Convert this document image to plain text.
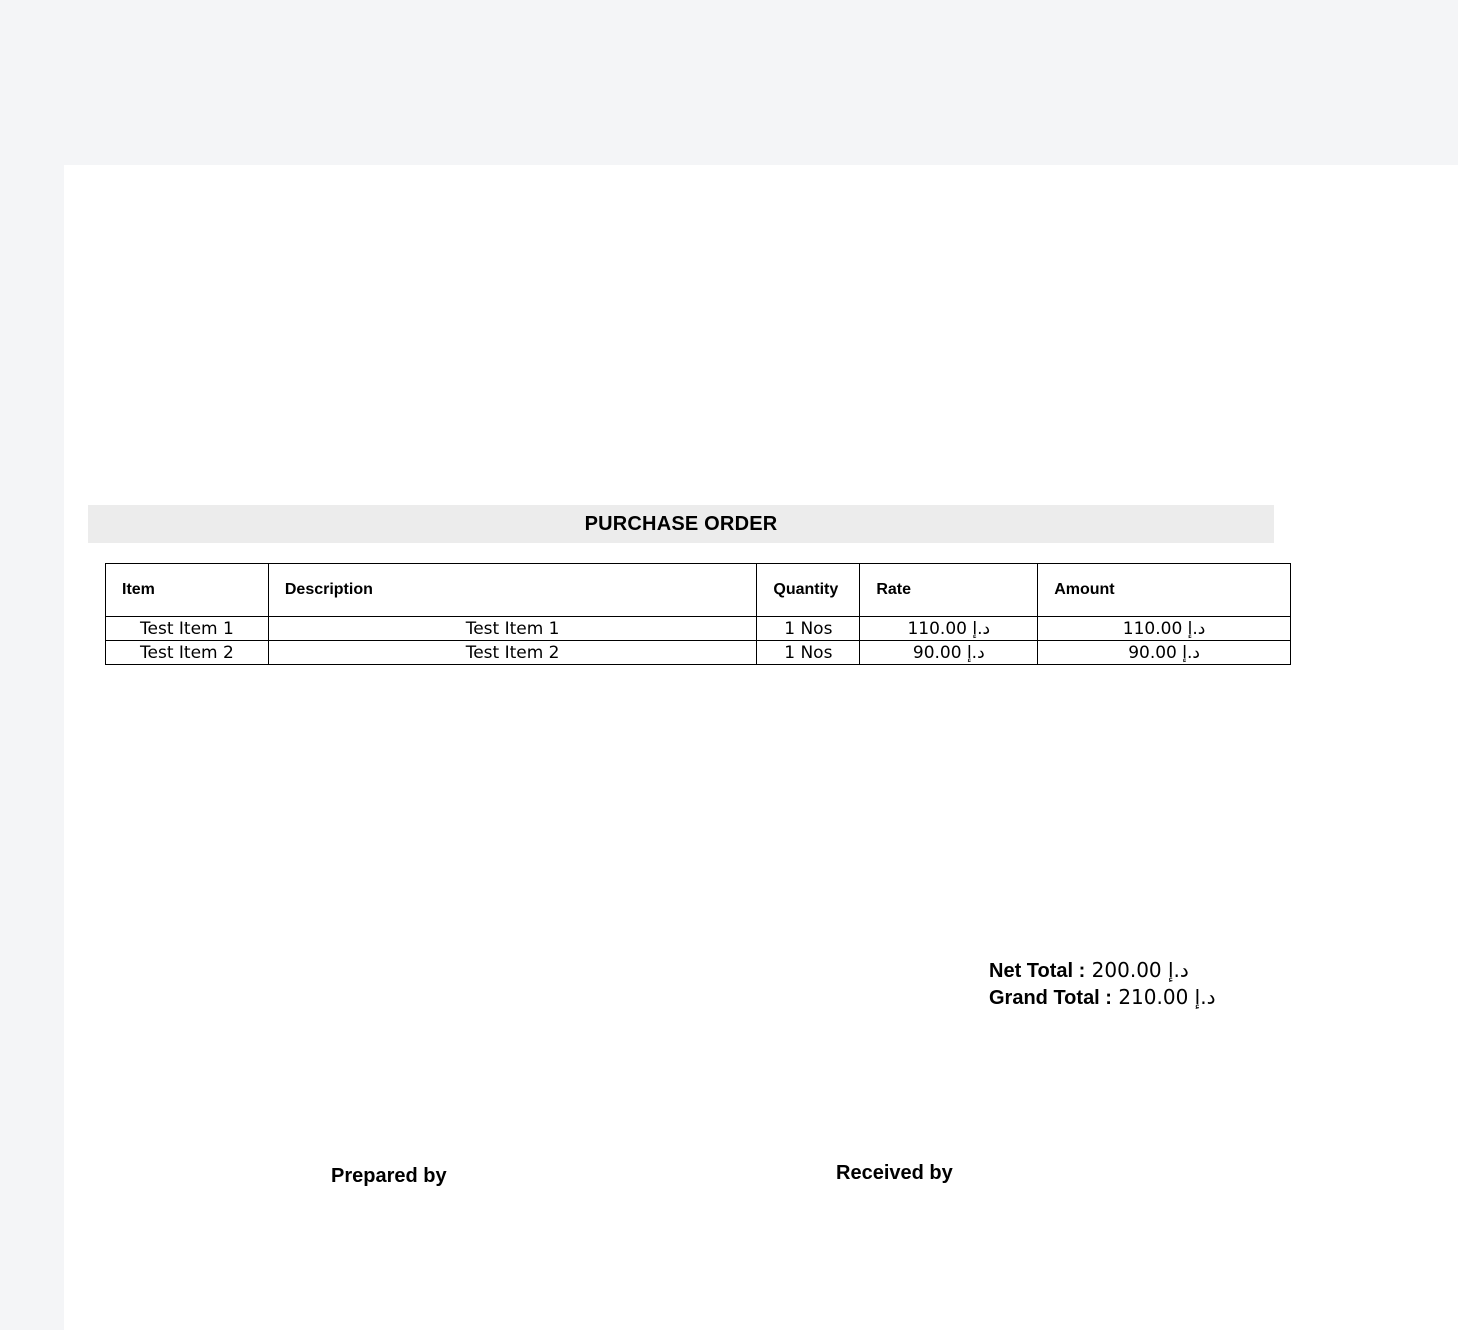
PURCHASE ORDER
Item	Description	Quantity	Rate	Amount
Test Item 1	Test Item 1	1 Nos	د.إ 110.00	د.إ 110.00
Test Item 2	Test Item 2	1 Nos	د.إ 90.00	د.إ 90.00
Net Total : د.إ 200.00
Grand Total : د.إ 210.00
Prepared by	Received by
